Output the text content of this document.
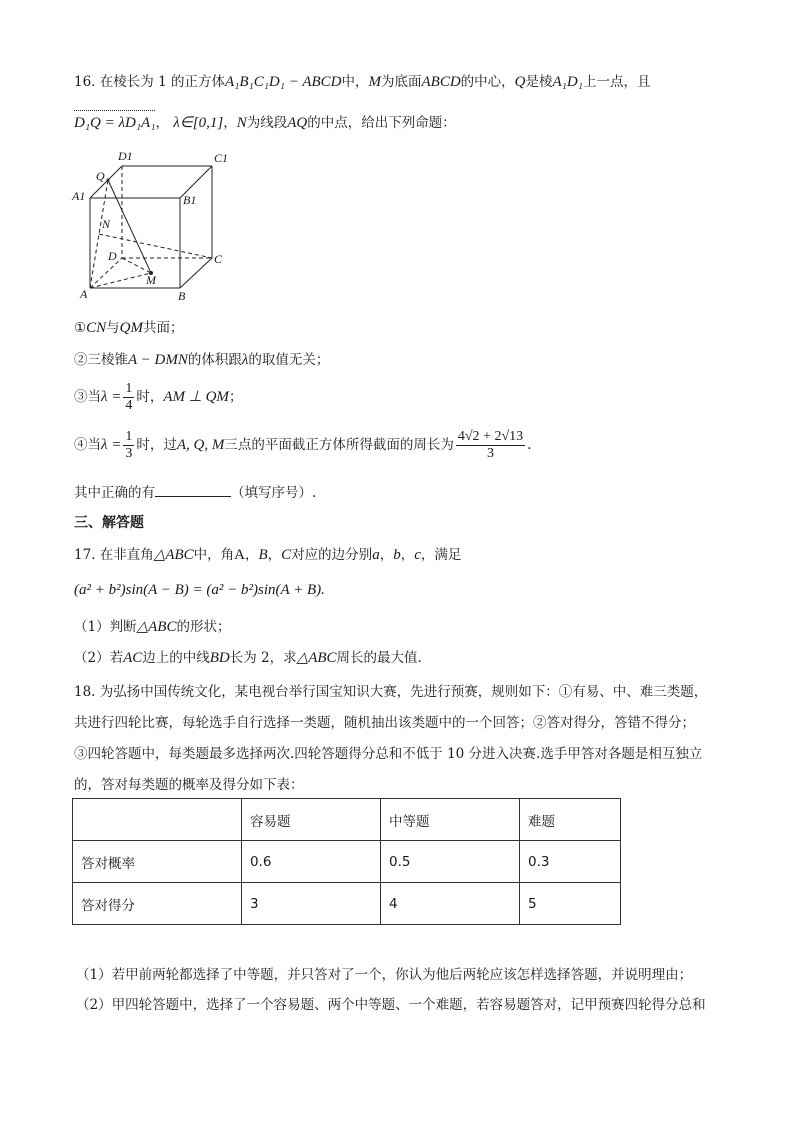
16. 在棱长为 1 的正方体A₁B₁C₁D₁ − ABCD中，M为底面ABCD的中心，Q是棱A₁D₁上一点，且
D₁Q = λD₁A₁， λ∈[0,1]，N为线段AQ的中点，给出下列命题：
D1	C1
Q
A1	B1
N
D	C
M
A	B
①CN与QM共面；
②三棱锥A − DMN的体积跟λ的取值无关；
③当$\lambda = \frac{1}{4}$ 时，AM ⊥ QM；
④当$\lambda = \frac{1}{3}$ 时，过A, Q, M三点的平面截正方体所得截面的周长为 $\frac{4√2 + 2√13}{3}$ .
其中正确的有	（填写序号）.
三、解答题
17. 在非直角△ABC中，角A，B，C对应的边分别a，b，c，满足
(a² + b²)sin(A − B) = (a² − b²)sin(A + B).
（1）判断△ABC的形状；
（2）若AC边上的中线BD长为 2，求△ABC周长的最大值.
18. 为弘扬中国传统文化，某电视台举行国宝知识大赛，先进行预赛，规则如下：①有易、中、难三类题，
共进行四轮比赛，每轮选手自行选择一类题，随机抽出该类题中的一个回答；②答对得分，答错不得分；
③四轮答题中，每类题最多选择两次.四轮答题得分总和不低于 10 分进入决赛.选手甲答对各题是相互独立
的，答对每类题的概率及得分如下表：
	容易题	中等题	难题
答对概率	0.6	0.5	0.3
答对得分	3	4	5
（1）若甲前两轮都选择了中等题，并只答对了一个，你认为他后两轮应该怎样选择答题，并说明理由；
（2）甲四轮答题中，选择了一个容易题、两个中等题、一个难题，若容易题答对，记甲预赛四轮得分总和
